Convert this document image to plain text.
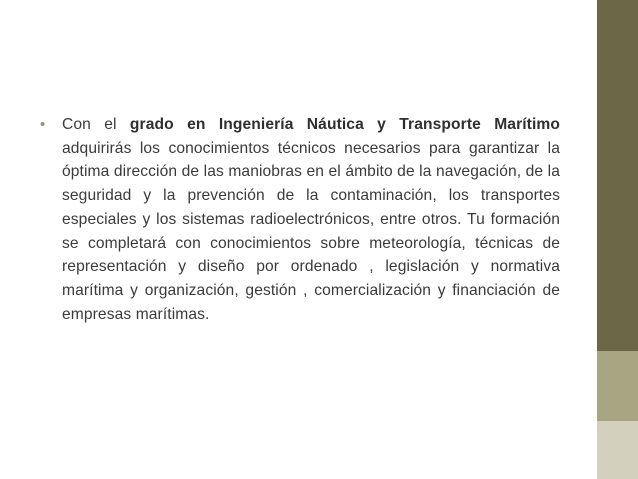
• Con el grado en Ingeniería Náutica y Transporte Marítimo adquirirás los conocimientos técnicos necesarios para garantizar la óptima dirección de las maniobras en el ámbito de la navegación, de la seguridad y la prevención de la contaminación, los transportes especiales y los sistemas radioelectrónicos, entre otros. Tu formación se completará con conocimientos sobre meteorología, técnicas de representación y diseño por ordenado , legislación y normativa marítima y organización, gestión , comercialización y ﬁnanciación de empresas marítimas.
